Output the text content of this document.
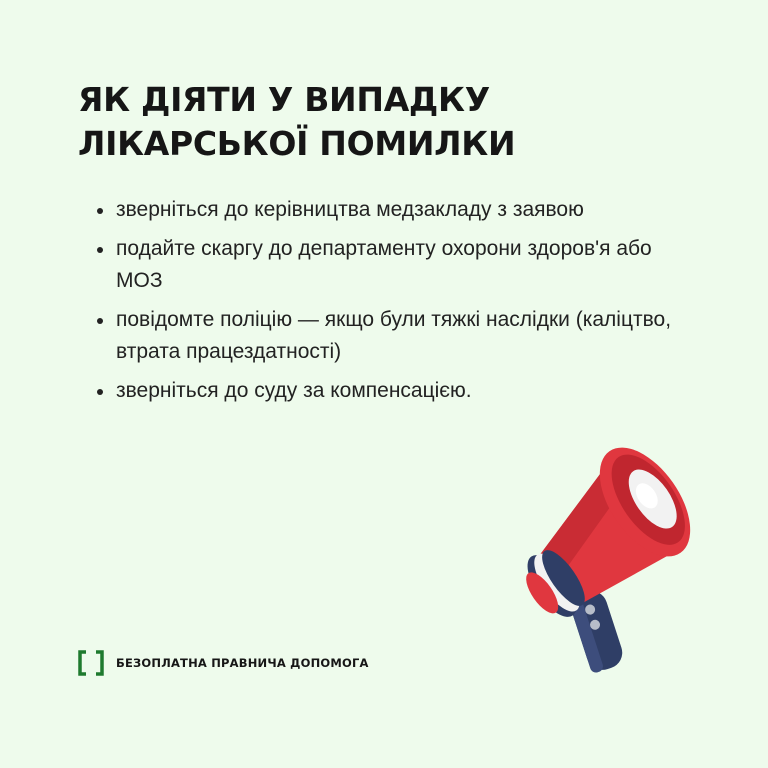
ЯК ДІЯТИ У ВИПАДКУ
ЛІКАРСЬКОЇ ПОМИЛКИ
зверніться до керівництва медзакладу з заявою
подайте скаргу до департаменту охорони здоров'я або МОЗ
повідомте поліцію — якщо були тяжкі наслідки (каліцтво, втрата працездатності)
зверніться до суду за компенсацією.
БЕЗОПЛАТНА ПРАВНИЧА ДОПОМОГА
